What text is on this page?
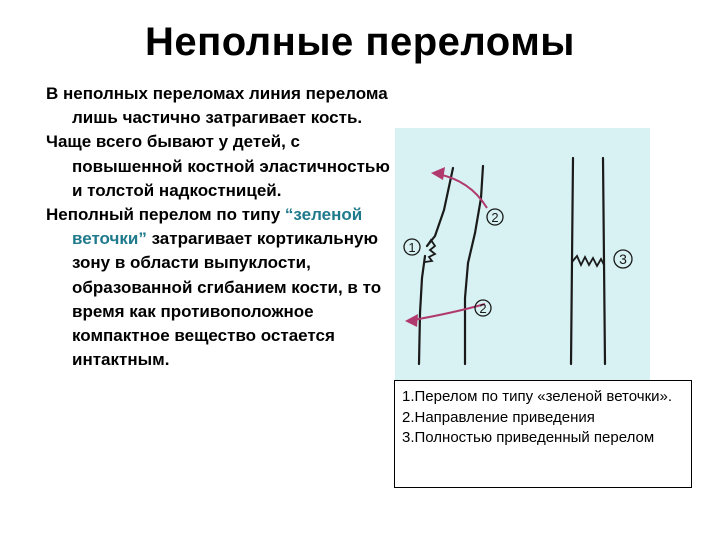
Неполные переломы

В неполных переломах линия перелома лишь частично затрагивает кость.

Чаще всего бывают у детей, с повышенной костной эластичностью и толстой надкостницей.

Неполный перелом по типу “зеленой веточки” затрагивает кортикальную зону в области выпуклости, образованной сгибанием кости, в то время как противоположное компактное вещество остается интактным.

1
2
2
3

1.Перелом по типу «зеленой веточки».

2.Направление приведения

3.Полностью приведенный перелом
